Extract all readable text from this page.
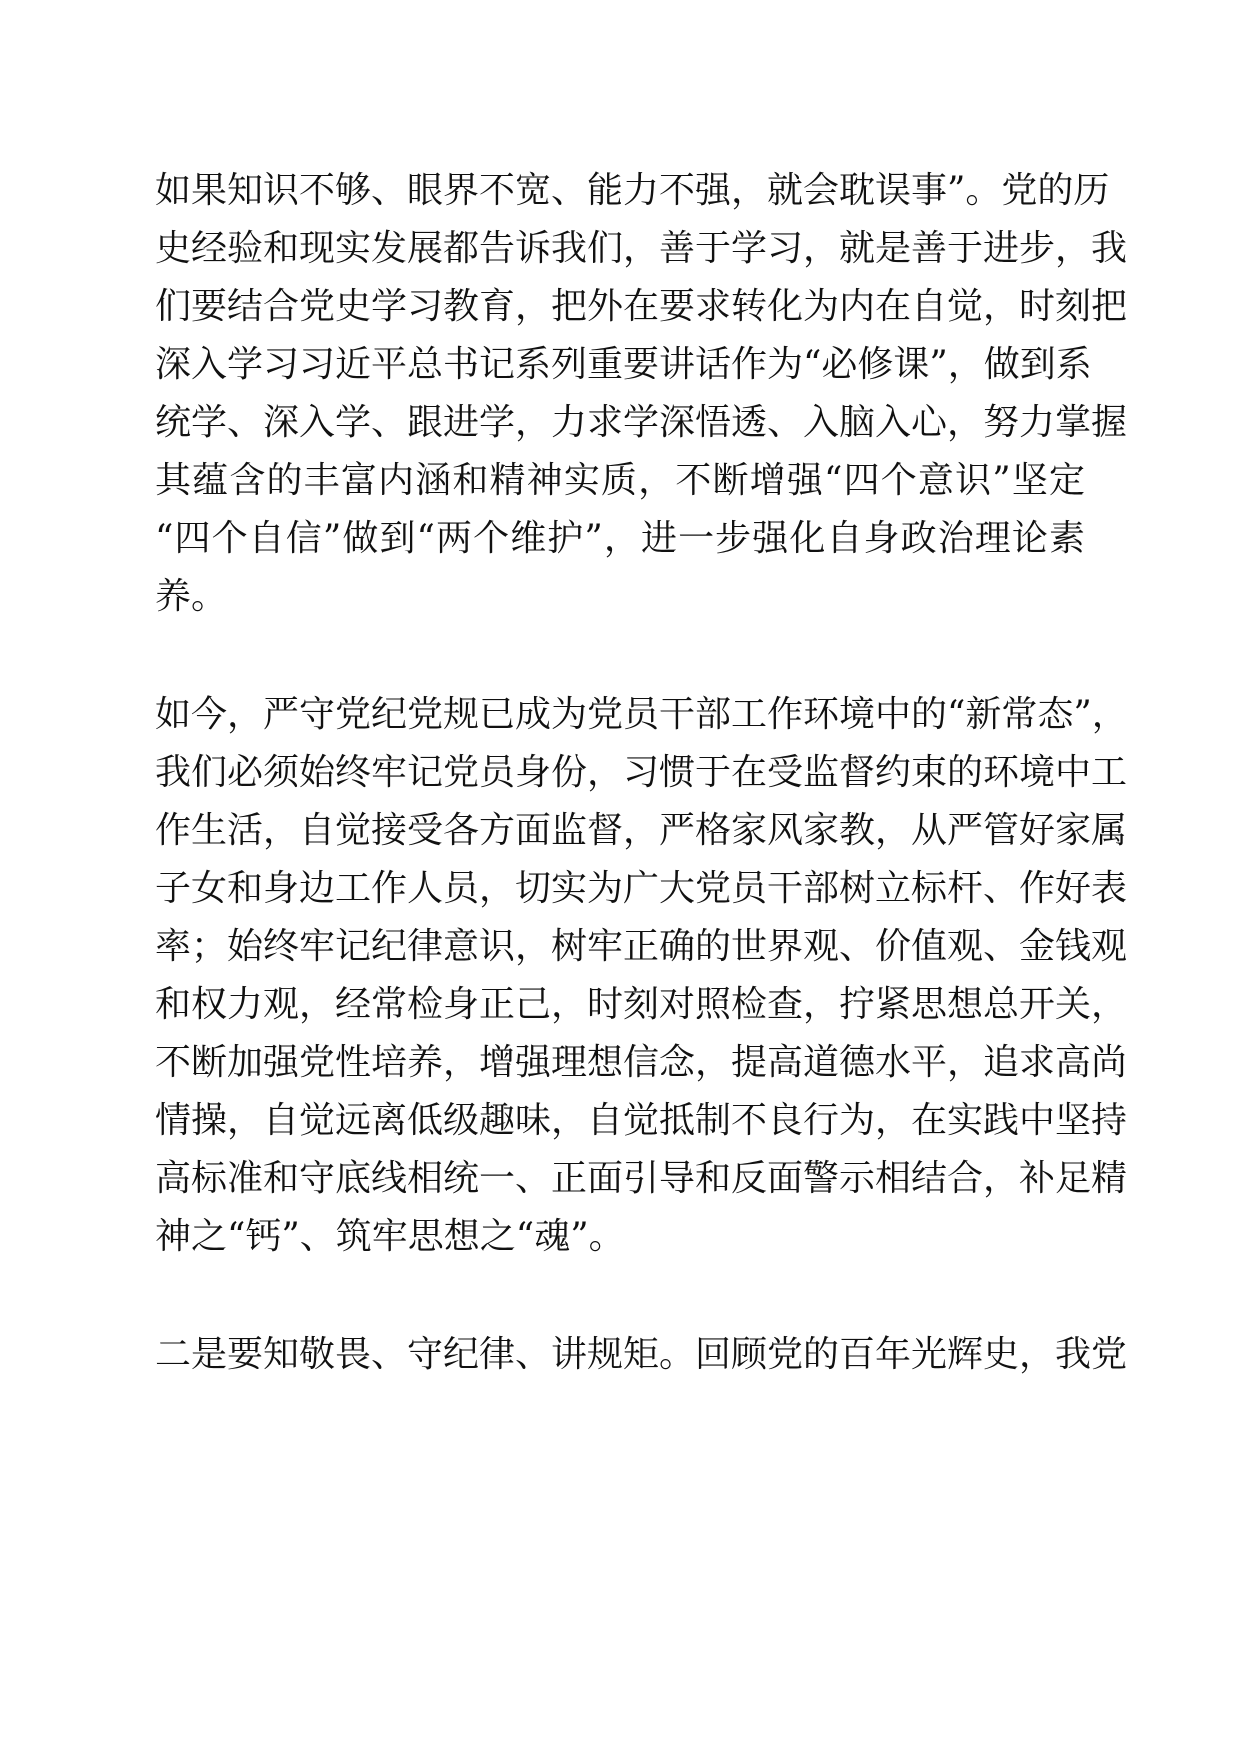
如果知识不够、眼界不宽、能力不强，就会耽误事”。党的历
史经验和现实发展都告诉我们，善于学习，就是善于进步，我
们要结合党史学习教育，把外在要求转化为内在自觉，时刻把
深入学习习近平总书记系列重要讲话作为“必修课”，做到系
统学、深入学、跟进学，力求学深悟透、入脑入心，努力掌握
其蕴含的丰富内涵和精神实质，不断增强“四个意识”坚定
“四个自信”做到“两个维护”，进一步强化自身政治理论素
养。
如今，严守党纪党规已成为党员干部工作环境中的“新常态”，
我们必须始终牢记党员身份，习惯于在受监督约束的环境中工
作生活，自觉接受各方面监督，严格家风家教，从严管好家属
子女和身边工作人员，切实为广大党员干部树立标杆、作好表
率；始终牢记纪律意识，树牢正确的世界观、价值观、金钱观
和权力观，经常检身正己，时刻对照检查，拧紧思想总开关，
不断加强党性培养，增强理想信念，提高道德水平，追求高尚
情操，自觉远离低级趣味，自觉抵制不良行为，在实践中坚持
高标准和守底线相统一、正面引导和反面警示相结合，补足精
神之“钙”、筑牢思想之“魂”。
二是要知敬畏、守纪律、讲规矩。回顾党的百年光辉史，我党
